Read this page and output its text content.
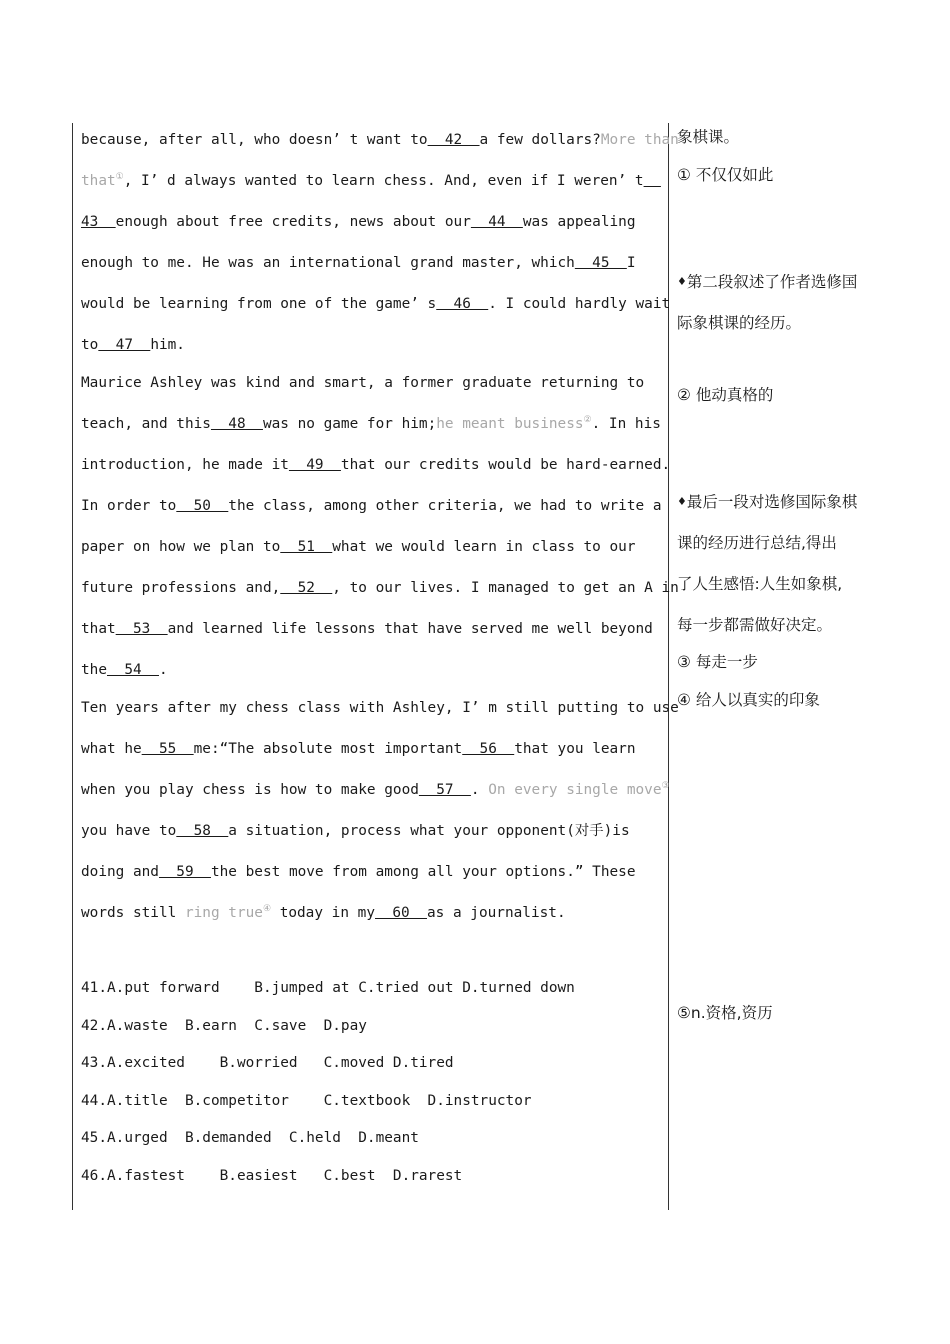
because, after all, who doesn’ t want to  42  a few dollars?More than

that①, I’ d always wanted to learn chess. And, even if I weren’ t

43  enough about free credits, news about our  44  was appealing

enough to me. He was an international grand master, which  45  I

would be learning from one of the game’ s  46  . I could hardly wait

to  47  him.

Maurice Ashley was kind and smart, a former graduate returning to

teach, and this  48  was no game for him;he meant business②. In his

introduction, he made it  49  that our credits would be hard-earned.

In order to  50  the class, among other criteria, we had to write a

paper on how we plan to  51  what we would learn in class to our

future professions and,  52  , to our lives. I managed to get an A in

that  53  and learned life lessons that have served me well beyond

the  54  .

Ten years after my chess class with Ashley, I’ m still putting to use

what he  55  me:“The absolute most important  56  that you learn

when you play chess is how to make good  57  . On every single move③

you have to  58  a situation, process what your opponent(对手)is

doing and  59  the best move from among all your options.” These

words still ring true④ today in my  60  as a journalist.

41.A.put forward    B.jumped at C.tried out D.turned down

42.A.waste  B.earn  C.save  D.pay

43.A.excited    B.worried   C.moved D.tired

44.A.title  B.competitor    C.textbook  D.instructor

45.A.urged  B.demanded  C.held  D.meant

46.A.fastest    B.easiest   C.best  D.rarest

象棋课。
① 不仅仅如此
♦第二段叙述了作者选修国
际象棋课的经历。
② 他动真格的
♦最后一段对选修国际象棋
课的经历进行总结,得出
了人生感悟:人生如象棋,
每一步都需做好决定。
③ 每走一步
④ 给人以真实的印象
⑤n.资格,资历
